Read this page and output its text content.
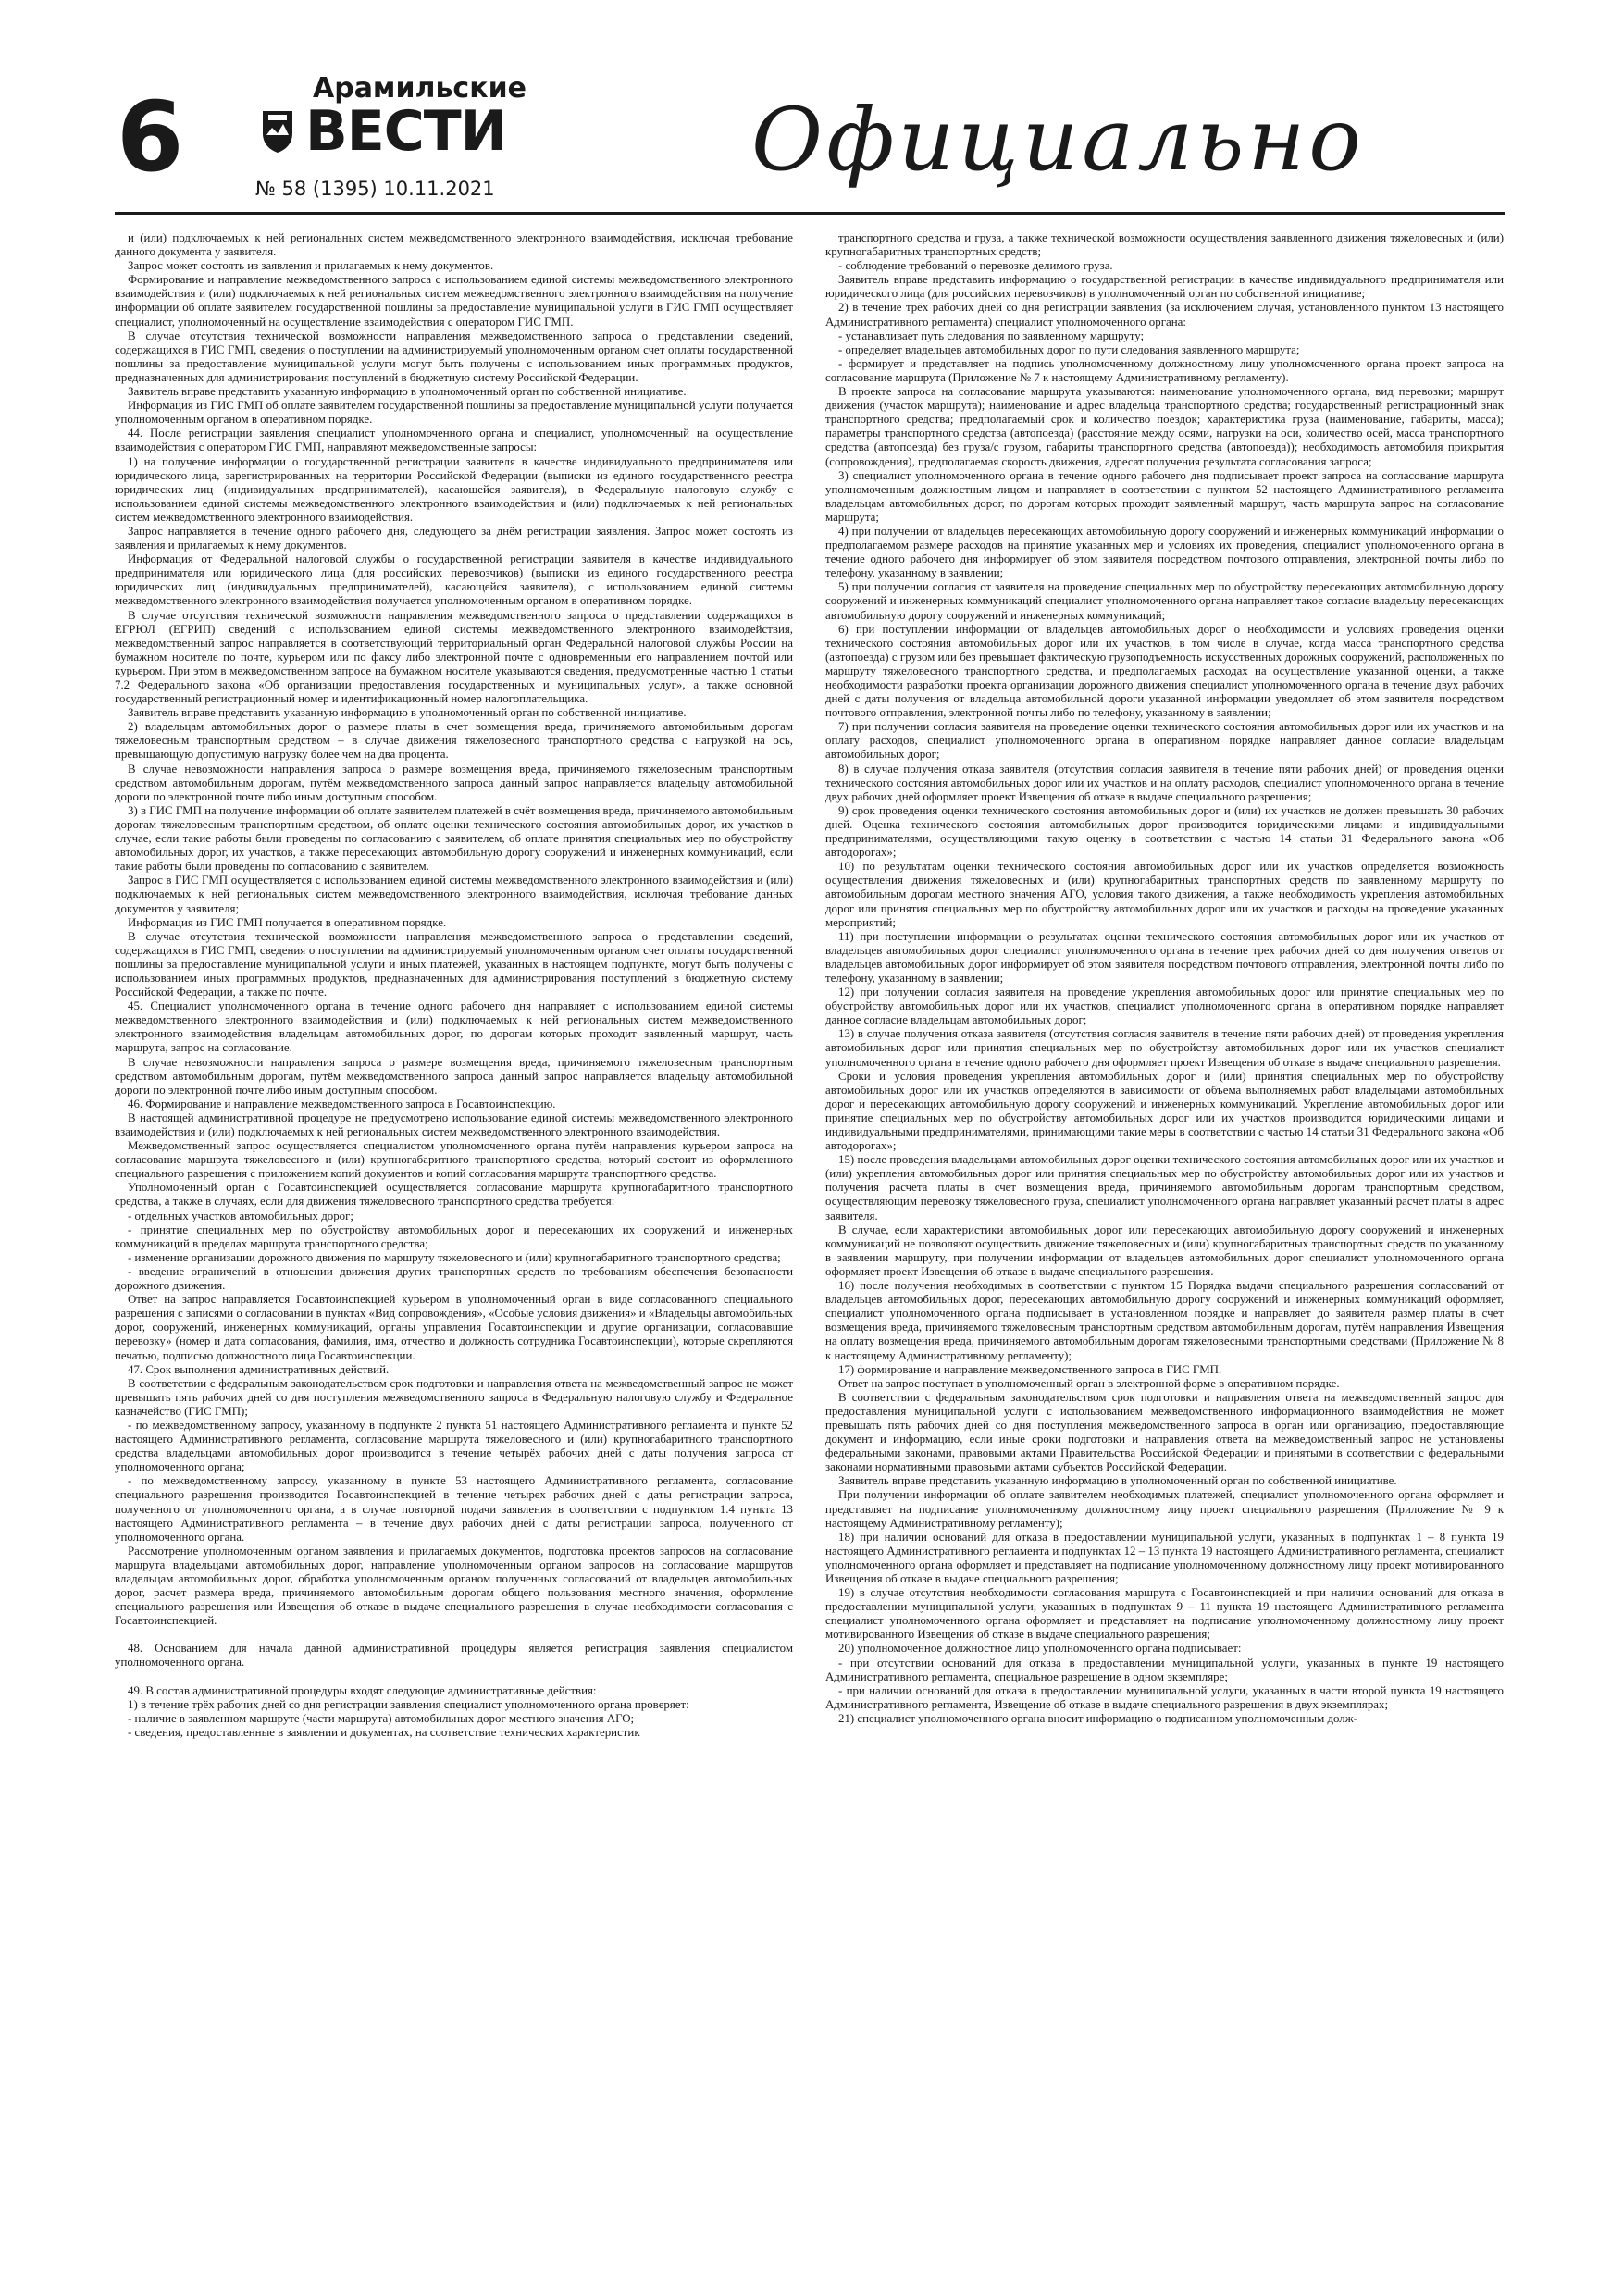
6	Арамильские
ВЕСТИ
№ 58 (1395) 10.11.2021	Официально

и (или) подключаемых к ней региональных систем межведомственного электронного взаимодействия, исключая требование данного документа у заявителя.

Запрос может состоять из заявления и прилагаемых к нему документов.

Формирование и направление межведомственного запроса с использованием единой системы межведомственного электронного взаимодействия и (или) подключаемых к ней региональных систем межведомственного электронного взаимодействия на получение информации об оплате заявителем государственной пошлины за предоставление муниципальной услуги в ГИС ГМП осуществляет специалист, уполномоченный на осуществление взаимодействия с оператором ГИС ГМП.

В случае отсутствия технической возможности направления межведомственного запроса о представлении сведений, содержащихся в ГИС ГМП, сведения о поступлении на администрируемый уполномоченным органом счет оплаты государственной пошлины за предоставление муниципальной услуги могут быть получены с использованием иных программных продуктов, предназначенных для администрирования поступлений в бюджетную систему Российской Федерации.

Заявитель вправе представить указанную информацию в уполномоченный орган по собственной инициативе.

Информация из ГИС ГМП об оплате заявителем государственной пошлины за предоставление муниципальной услуги получается уполномоченным органом в оперативном порядке.

44. После регистрации заявления специалист уполномоченного органа и специалист, уполномоченный на осуществление взаимодействия с оператором ГИС ГМП, направляют межведомственные запросы:

1) на получение информации о государственной регистрации заявителя в качестве индивидуального предпринимателя или юридического лица, зарегистрированных на территории Российской Федерации (выписки из единого государственного реестра юридических лиц (индивидуальных предпринимателей), касающейся заявителя), в Федеральную налоговую службу с использованием единой системы межведомственного электронного взаимодействия и (или) подключаемых к ней региональных систем межведомственного электронного взаимодействия.

Запрос направляется в течение одного рабочего дня, следующего за днём регистрации заявления. Запрос может состоять из заявления и прилагаемых к нему документов.

Информация от Федеральной налоговой службы о государственной регистрации заявителя в качестве индивидуального предпринимателя или юридического лица (для российских перевозчиков) (выписки из единого государственного реестра юридических лиц (индивидуальных предпринимателей), касающейся заявителя), с использованием единой системы межведомственного электронного взаимодействия получается уполномоченным органом в оперативном порядке.

В случае отсутствия технической возможности направления межведомственного запроса о представлении содержащихся в ЕГРЮЛ (ЕГРИП) сведений с использованием единой системы межведомственного электронного взаимодействия, межведомственный запрос направляется в соответствующий территориальный орган Федеральной налоговой службы России на бумажном носителе по почте, курьером или по факсу либо электронной почте с одновременным его направлением почтой или курьером. При этом в межведомственном запросе на бумажном носителе указываются сведения, предусмотренные частью 1 статьи 7.2 Федерального закона «Об организации предоставления государственных и муниципальных услуг», а также основной государственный регистрационный номер и идентификационный номер налогоплательщика.

Заявитель вправе представить указанную информацию в уполномоченный орган по собственной инициативе.

2) владельцам автомобильных дорог о размере платы в счет возмещения вреда, причиняемого автомобильным дорогам тяжеловесным транспортным средством – в случае движения тяжеловесного транспортного средства с нагрузкой на ось, превышающую допустимую нагрузку более чем на два процента.

В случае невозможности направления запроса о размере возмещения вреда, причиняемого тяжеловесным транспортным средством автомобильным дорогам, путём межведомственного запроса данный запрос направляется владельцу автомобильной дороги по электронной почте либо иным доступным способом.

3) в ГИС ГМП на получение информации об оплате заявителем платежей в счёт возмещения вреда, причиняемого автомобильным дорогам тяжеловесным транспортным средством, об оплате оценки технического состояния автомобильных дорог, их участков в случае, если такие работы были проведены по согласованию с заявителем, об оплате принятия специальных мер по обустройству автомобильных дорог, их участков, а также пересекающих автомобильную дорогу сооружений и инженерных коммуникаций, если такие работы были проведены по согласованию с заявителем.

Запрос в ГИС ГМП осуществляется с использованием единой системы межведомственного электронного взаимодействия и (или) подключаемых к ней региональных систем межведомственного электронного взаимодействия, исключая требование данных документов у заявителя;

Информация из ГИС ГМП получается в оперативном порядке.

В случае отсутствия технической возможности направления межведомственного запроса о представлении сведений, содержащихся в ГИС ГМП, сведения о поступлении на администрируемый уполномоченным органом счет оплаты государственной пошлины за предоставление муниципальной услуги и иных платежей, указанных в настоящем подпункте, могут быть получены с использованием иных программных продуктов, предназначенных для администрирования поступлений в бюджетную систему Российской Федерации, а также по почте.

45. Специалист уполномоченного органа в течение одного рабочего дня направляет с использованием единой системы межведомственного электронного взаимодействия и (или) подключаемых к ней региональных систем межведомственного электронного взаимодействия владельцам автомобильных дорог, по дорогам которых проходит заявленный маршрут, часть маршрута, запрос на согласование.

В случае невозможности направления запроса о размере возмещения вреда, причиняемого тяжеловесным транспортным средством автомобильным дорогам, путём межведомственного запроса данный запрос направляется владельцу автомобильной дороги по электронной почте либо иным доступным способом.

46. Формирование и направление межведомственного запроса в Госавтоинспекцию.

В настоящей административной процедуре не предусмотрено использование единой системы межведомственного электронного взаимодействия и (или) подключаемых к ней региональных систем межведомственного электронного взаимодействия.

Межведомственный запрос осуществляется специалистом уполномоченного органа путём направления курьером запроса на согласование маршрута тяжеловесного и (или) крупногабаритного транспортного средства, который состоит из оформленного специального разрешения с приложением копий документов и копий согласования маршрута транспортного средства.

Уполномоченный орган с Госавтоинспекцией осуществляется согласование маршрута крупногабаритного транспортного средства, а также в случаях, если для движения тяжеловесного транспортного средства требуется:

- отдельных участков автомобильных дорог;

- принятие специальных мер по обустройству автомобильных дорог и пересекающих их сооружений и инженерных коммуникаций в пределах маршрута транспортного средства;

- изменение организации дорожного движения по маршруту тяжеловесного и (или) крупногабаритного транспортного средства;

- введение ограничений в отношении движения других транспортных средств по требованиям обеспечения безопасности дорожного движения.

Ответ на запрос направляется Госавтоинспекцией курьером в уполномоченный орган в виде согласованного специального разрешения с записями о согласовании в пунктах «Вид сопровождения», «Особые условия движения» и «Владельцы автомобильных дорог, сооружений, инженерных коммуникаций, органы управления Госавтоинспекции и другие организации, согласовавшие перевозку» (номер и дата согласования, фамилия, имя, отчество и должность сотрудника Госавтоинспекции), которые скрепляются печатью, подписью должностного лица Госавтоинспекции.

47. Срок выполнения административных действий.

В соответствии с федеральным законодательством срок подготовки и направления ответа на межведомственный запрос не может превышать пять рабочих дней со дня поступления межведомственного запроса в Федеральную налоговую службу и Федеральное казначейство (ГИС ГМП);

- по межведомственному запросу, указанному в подпункте 2 пункта 51 настоящего Административного регламента и пункте 52 настоящего Административного регламента, согласование маршрута тяжеловесного и (или) крупногабаритного транспортного средства владельцами автомобильных дорог производится в течение четырёх рабочих дней с даты получения запроса от уполномоченного органа;

- по межведомственному запросу, указанному в пункте 53 настоящего Административного регламента, согласование специального разрешения производится Госавтоинспекцией в течение четырех рабочих дней с даты регистрации запроса, полученного от уполномоченного органа, а в случае повторной подачи заявления в соответствии с подпунктом 1.4 пункта 13 настоящего Административного регламента – в течение двух рабочих дней с даты регистрации запроса, полученного от уполномоченного органа.

Рассмотрение уполномоченным органом заявления и прилагаемых документов, подготовка проектов запросов на согласование маршрута владельцами автомобильных дорог, направление уполномоченным органом запросов на согласование маршрутов владельцам автомобильных дорог, обработка уполномоченным органом полученных согласований от владельцев автомобильных дорог, расчет размера вреда, причиняемого автомобильным дорогам общего пользования местного значения, оформление специального разрешения или Извещения об отказе в выдаче специального разрешения в случае необходимости согласования с Госавтоинспекцией.

48. Основанием для начала данной административной процедуры является регистрация заявления специалистом уполномоченного органа.

49. В состав административной процедуры входят следующие административные действия:

1) в течение трёх рабочих дней со дня регистрации заявления специалист уполномоченного органа проверяет:

- наличие в заявленном маршруте (части маршрута) автомобильных дорог местного значения АГО;

- сведения, предоставленные в заявлении и документах, на соответствие технических характеристик

транспортного средства и груза, а также технической возможности осуществления заявленного движения тяжеловесных и (или) крупногабаритных транспортных средств;

- соблюдение требований о перевозке делимого груза.

Заявитель вправе представить информацию о государственной регистрации в качестве индивидуального предпринимателя или юридического лица (для российских перевозчиков) в уполномоченный орган по собственной инициативе;

2) в течение трёх рабочих дней со дня регистрации заявления (за исключением случая, установленного пунктом 13 настоящего Административного регламента) специалист уполномоченного органа:

- устанавливает путь следования по заявленному маршруту;

- определяет владельцев автомобильных дорог по пути следования заявленного маршрута;

- формирует и представляет на подпись уполномоченному должностному лицу уполномоченного органа проект запроса на согласование маршрута (Приложение № 7 к настоящему Административному регламенту).

В проекте запроса на согласование маршрута указываются: наименование уполномоченного органа, вид перевозки; маршрут движения (участок маршрута); наименование и адрес владельца транспортного средства; государственный регистрационный знак транспортного средства; предполагаемый срок и количество поездок; характеристика груза (наименование, габариты, масса); параметры транспортного средства (автопоезда) (расстояние между осями, нагрузки на оси, количество осей, масса транспортного средства (автопоезда) без груза/с грузом, габариты транспортного средства (автопоезда)); необходимость автомобиля прикрытия (сопровождения), предполагаемая скорость движения, адресат получения результата согласования запроса;

3) специалист уполномоченного органа в течение одного рабочего дня подписывает проект запроса на согласование маршрута уполномоченным должностным лицом и направляет в соответствии с пунктом 52 настоящего Административного регламента владельцам автомобильных дорог, по дорогам которых проходит заявленный маршрут, часть маршрута запрос на согласование маршрута;

4) при получении от владельцев пересекающих автомобильную дорогу сооружений и инженерных коммуникаций информации о предполагаемом размере расходов на принятие указанных мер и условиях их проведения, специалист уполномоченного органа в течение одного рабочего дня информирует об этом заявителя посредством почтового отправления, электронной почты либо по телефону, указанному в заявлении;

5) при получении согласия от заявителя на проведение специальных мер по обустройству пересекающих автомобильную дорогу сооружений и инженерных коммуникаций специалист уполномоченного органа направляет такое согласие владельцу пересекающих автомобильную дорогу сооружений и инженерных коммуникаций;

6) при поступлении информации от владельцев автомобильных дорог о необходимости и условиях проведения оценки технического состояния автомобильных дорог или их участков, в том числе в случае, когда масса транспортного средства (автопоезда) с грузом или без превышает фактическую грузоподъемность искусственных дорожных сооружений, расположенных по маршруту тяжеловесного транспортного средства, и предполагаемых расходах на осуществление указанной оценки, а также необходимости разработки проекта организации дорожного движения специалист уполномоченного органа в течение двух рабочих дней с даты получения от владельца автомобильной дороги указанной информации уведомляет об этом заявителя посредством почтового отправления, электронной почты либо по телефону, указанному в заявлении;

7) при получении согласия заявителя на проведение оценки технического состояния автомобильных дорог или их участков и на оплату расходов, специалист уполномоченного органа в оперативном порядке направляет данное согласие владельцам автомобильных дорог;

8) в случае получения отказа заявителя (отсутствия согласия заявителя в течение пяти рабочих дней) от проведения оценки технического состояния автомобильных дорог или их участков и на оплату расходов, специалист уполномоченного органа в течение двух рабочих дней оформляет проект Извещения об отказе в выдаче специального разрешения;

9) срок проведения оценки технического состояния автомобильных дорог и (или) их участков не должен превышать 30 рабочих дней. Оценка технического состояния автомобильных дорог производится юридическими лицами и индивидуальными предпринимателями, осуществляющими такую оценку в соответствии с частью 14 статьи 31 Федерального закона «Об автодорогах»;

10) по результатам оценки технического состояния автомобильных дорог или их участков определяется возможность осуществления движения тяжеловесных и (или) крупногабаритных транспортных средств по заявленному маршруту по автомобильным дорогам местного значения АГО, условия такого движения, а также необходимость укрепления автомобильных дорог или принятия специальных мер по обустройству автомобильных дорог или их участков и расходы на проведение указанных мероприятий;

11) при поступлении информации о результатах оценки технического состояния автомобильных дорог или их участков от владельцев автомобильных дорог специалист уполномоченного органа в течение трех рабочих дней со дня получения ответов от владельцев автомобильных дорог информирует об этом заявителя посредством почтового отправления, электронной почты либо по телефону, указанному в заявлении;

12) при получении согласия заявителя на проведение укрепления автомобильных дорог или принятие специальных мер по обустройству автомобильных дорог или их участков, специалист уполномоченного органа в оперативном порядке направляет данное согласие владельцам автомобильных дорог;

13) в случае получения отказа заявителя (отсутствия согласия заявителя в течение пяти рабочих дней) от проведения укрепления автомобильных дорог или принятия специальных мер по обустройству автомобильных дорог или их участков специалист уполномоченного органа в течение одного рабочего дня оформляет проект Извещения об отказе в выдаче специального разрешения.

Сроки и условия проведения укрепления автомобильных дорог и (или) принятия специальных мер по обустройству автомобильных дорог или их участков определяются в зависимости от объема выполняемых работ владельцами автомобильных дорог и пересекающих автомобильную дорогу сооружений и инженерных коммуникаций. Укрепление автомобильных дорог или принятие специальных мер по обустройству автомобильных дорог или их участков производится юридическими лицами и индивидуальными предпринимателями, принимающими такие меры в соответствии с частью 14 статьи 31 Федерального закона «Об автодорогах»;

15) после проведения владельцами автомобильных дорог оценки технического состояния автомобильных дорог или их участков и (или) укрепления автомобильных дорог или принятия специальных мер по обустройству автомобильных дорог или их участков и получения расчета платы в счет возмещения вреда, причиняемого автомобильным дорогам транспортным средством, осуществляющим перевозку тяжеловесного груза, специалист уполномоченного органа направляет указанный расчёт платы в адрес заявителя.

В случае, если характеристики автомобильных дорог или пересекающих автомобильную дорогу сооружений и инженерных коммуникаций не позволяют осуществить движение тяжеловесных и (или) крупногабаритных транспортных средств по указанному в заявлении маршруту, при получении информации от владельцев автомобильных дорог специалист уполномоченного органа оформляет проект Извещения об отказе в выдаче специального разрешения.

16) после получения необходимых в соответствии с пунктом 15 Порядка выдачи специального разрешения согласований от владельцев автомобильных дорог, пересекающих автомобильную дорогу сооружений и инженерных коммуникаций оформляет, специалист уполномоченного органа подписывает в установленном порядке и направляет до заявителя размер платы в счет возмещения вреда, причиняемого тяжеловесным транспортным средством автомобильным дорогам, путём направления Извещения на оплату возмещения вреда, причиняемого автомобильным дорогам тяжеловесными транспортными средствами (Приложение № 8 к настоящему Административному регламенту);

17) формирование и направление межведомственного запроса в ГИС ГМП.

Ответ на запрос поступает в уполномоченный орган в электронной форме в оперативном порядке.

В соответствии с федеральным законодательством срок подготовки и направления ответа на межведомственный запрос для предоставления муниципальной услуги с использованием межведомственного информационного взаимодействия не может превышать пять рабочих дней со дня поступления межведомственного запроса в орган или организацию, предоставляющие документ и информацию, если иные сроки подготовки и направления ответа на межведомственный запрос не установлены федеральными законами, правовыми актами Правительства Российской Федерации и принятыми в соответствии с федеральными законами нормативными правовыми актами субъектов Российской Федерации.

Заявитель вправе представить указанную информацию в уполномоченный орган по собственной инициативе.

При получении информации об оплате заявителем необходимых платежей, специалист уполномоченного органа оформляет и представляет на подписание уполномоченному должностному лицу проект специального разрешения (Приложение № 9 к настоящему Административному регламенту);

18) при наличии оснований для отказа в предоставлении муниципальной услуги, указанных в подпунктах 1 – 8 пункта 19 настоящего Административного регламента и подпунктах 12 – 13 пункта 19 настоящего Административного регламента, специалист уполномоченного органа оформляет и представляет на подписание уполномоченному должностному лицу проект мотивированного Извещения об отказе в выдаче специального разрешения;

19) в случае отсутствия необходимости согласования маршрута с Госавтоинспекцией и при наличии оснований для отказа в предоставлении муниципальной услуги, указанных в подпунктах 9 – 11 пункта 19 настоящего Административного регламента специалист уполномоченного органа оформляет и представляет на подписание уполномоченному должностному лицу проект мотивированного Извещения об отказе в выдаче специального разрешения;

20) уполномоченное должностное лицо уполномоченного органа подписывает:

- при отсутствии оснований для отказа в предоставлении муниципальной услуги, указанных в пункте 19 настоящего Административного регламента, специальное разрешение в одном экземпляре;

- при наличии оснований для отказа в предоставлении муниципальной услуги, указанных в части второй пункта 19 настоящего Административного регламента, Извещение об отказе в выдаче специального разрешения в двух экземплярах;

21) специалист уполномоченного органа вносит информацию о подписанном уполномоченным долж-
